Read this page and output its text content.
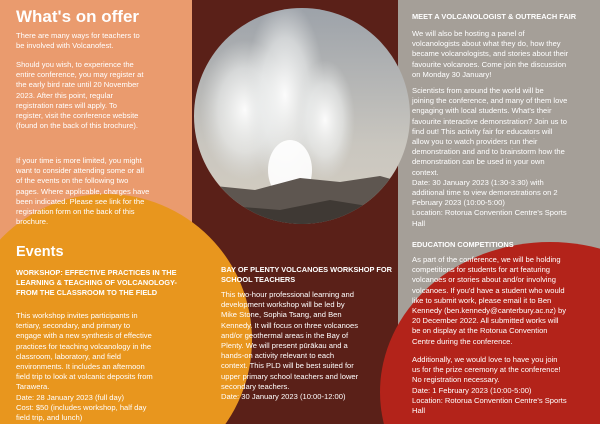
What's on offer

There are many ways for teachers to
be involved with Volcanofest.

Should you wish, to experience the
entire conference, you may register at
the early bird rate until 20 November
2023. After this point, regular
registration rates will apply. To
register, visit the conference website
(found on the back of this brochure).

If your time is more limited, you might
want to consider attending some or all
of the events on the following two
pages. Where applicable, charges have
been indicated. Please see link for the
registration form on the back of this
brochure.

Events

WORKSHOP: EFFECTIVE PRACTICES IN THE LEARNING & TEACHING OF VOLCANOLOGY- FROM THE CLASSROOM TO THE FIELD

This workshop invites participants in
tertiary, secondary, and primary to
engage with a new synthesis of effective
practices for teaching volcanology in the
classroom, laboratory, and field
environments. It includes an afternoon
field trip to look at volcanic deposits from
Tarawera.
Date: 28 January 2023 (full day)
Cost: $50 (includes workshop, half day
field trip, and lunch)

BAY OF PLENTY VOLCANOES WORKSHOP FOR SCHOOL TEACHERS

This two-hour professional learning and
development workshop will be led by
Mike Stone, Sophia Tsang, and Ben
Kennedy. It will focus on three volcanoes
and/or geothermal areas in the Bay of
Plenty. We will present pūrākau and a
hands-on activity relevant to each
context. This PLD will be best suited for
upper primary school teachers and lower
secondary teachers.
Date: 30 January 2023 (10:00-12:00)

MEET A VOLCANOLOGIST & OUTREACH FAIR

We will also be hosting a panel of
volcanologists about what they do, how they
became volcanologists, and stories about their
favourite volcanoes. Come join the discussion
on Monday 30 January!

Scientists from around the world will be
joining the conference, and many of them love
engaging with local students. What's their
favourite interactive demonstration? Join us to
find out! This activity fair for educators will
allow you to watch providers run their
demonstration and and to brainstorm how the
demonstration can be used in your own
context.
Date: 30 January 2023 (1:30-3:30) with
additional time to view demonstrations on 2
February 2023 (10:00-5:00)
Location: Rotorua Convention Centre's Sports
Hall

EDUCATION COMPETITIONS

As part of the conference, we will be holding
competitions for students for art featuring
volcanoes or stories about and/or involving
volcanoes. If you'd have a student who would
like to submit work, please email it to Ben
Kennedy (ben.kennedy@canterbury.ac.nz) by
20 December 2022. All submitted works will
be on display at the Rotorua Convention
Centre during the conference.

Additionally, we would love to have you join
us for the prize ceremony at the conference!
No registration necessary.
Date: 1 February 2023 (10:00-5:00)
Location: Rotorua Convention Centre's Sports
Hall
